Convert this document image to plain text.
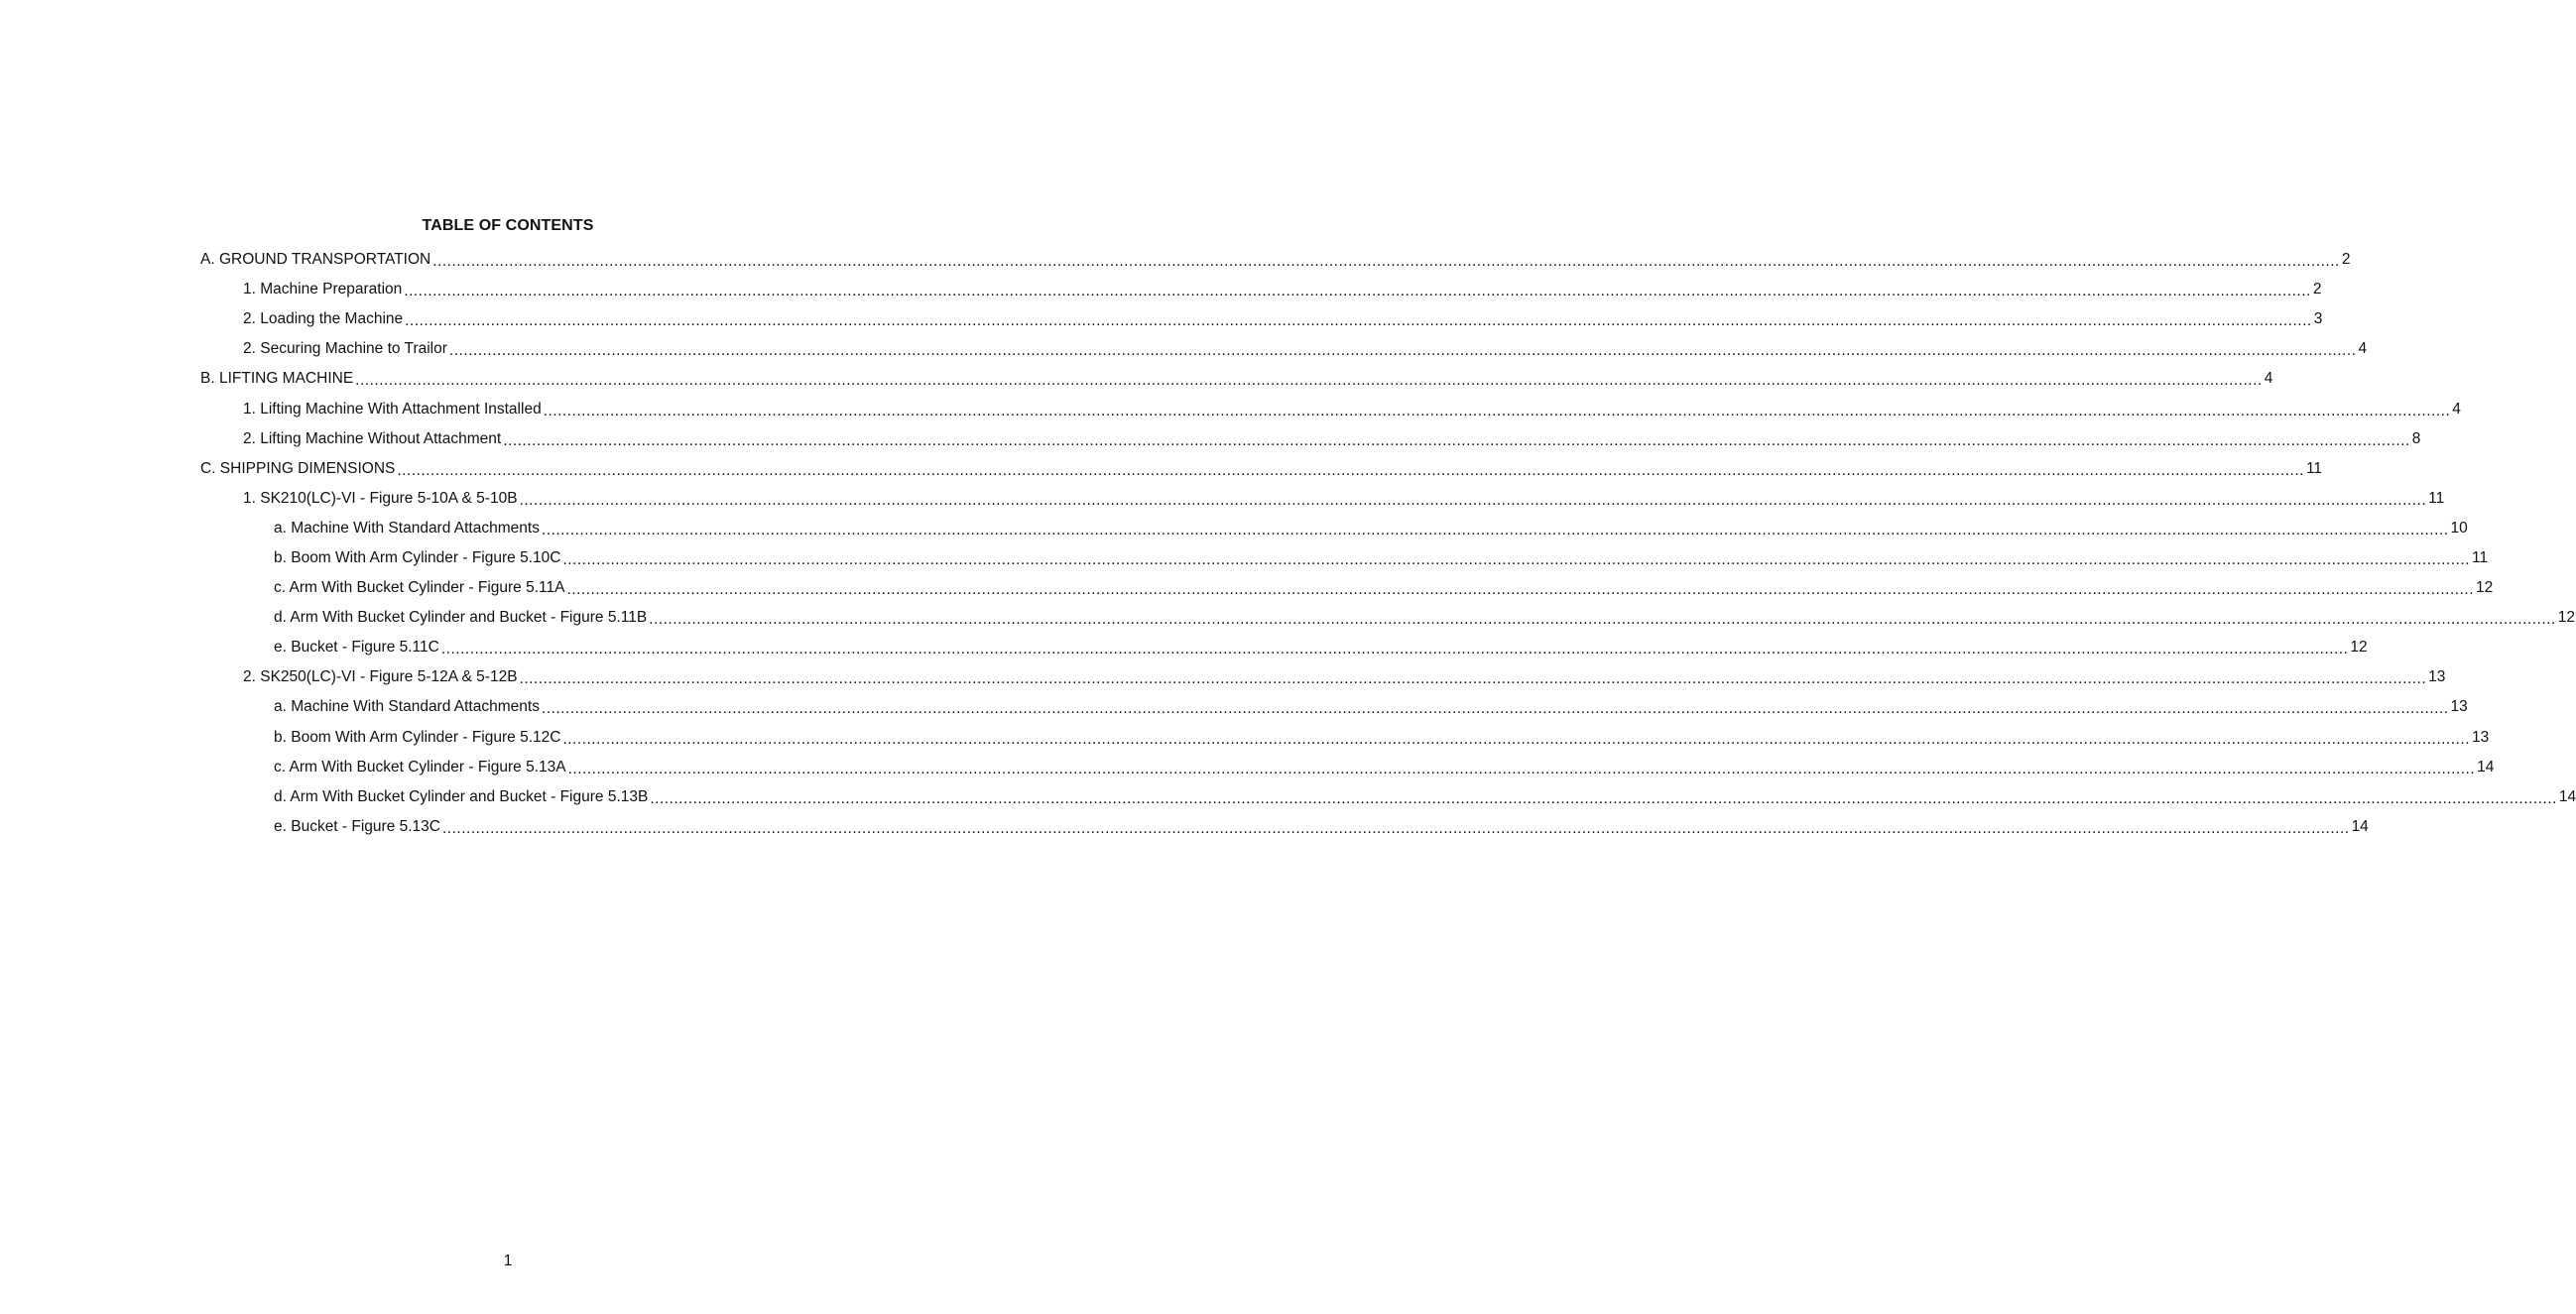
TABLE OF CONTENTS
A. GROUND TRANSPORTATION ................................................................................................................................................................................................................................................................................................................................................................................................................ 2
1. Machine Preparation ................................................................................................................................................................................................................................................................................................................................................................................................................ 2
2. Loading the Machine ................................................................................................................................................................................................................................................................................................................................................................................................................ 3
2. Securing Machine to Trailor ................................................................................................................................................................................................................................................................................................................................................................................................................ 4
B. LIFTING MACHINE ................................................................................................................................................................................................................................................................................................................................................................................................................ 4
1. Lifting Machine With Attachment Installed ................................................................................................................................................................................................................................................................................................................................................................................................................ 4
2. Lifting Machine Without Attachment ................................................................................................................................................................................................................................................................................................................................................................................................................ 8
C. SHIPPING DIMENSIONS ................................................................................................................................................................................................................................................................................................................................................................................................................ 11
1. SK210(LC)-VI - Figure 5-10A & 5-10B ................................................................................................................................................................................................................................................................................................................................................................................................................ 11
a. Machine With Standard Attachments ................................................................................................................................................................................................................................................................................................................................................................................................................ 10
b. Boom With Arm Cylinder - Figure 5.10C ................................................................................................................................................................................................................................................................................................................................................................................................................ 11
c. Arm With Bucket Cylinder - Figure 5.11A ................................................................................................................................................................................................................................................................................................................................................................................................................ 12
d. Arm With Bucket Cylinder and Bucket - Figure 5.11B ................................................................................................................................................................................................................................................................................................................................................................................................................ 12
e. Bucket - Figure 5.11C ................................................................................................................................................................................................................................................................................................................................................................................................................ 12
2. SK250(LC)-VI - Figure 5-12A & 5-12B ................................................................................................................................................................................................................................................................................................................................................................................................................ 13
a. Machine With Standard Attachments ................................................................................................................................................................................................................................................................................................................................................................................................................ 13
b. Boom With Arm Cylinder - Figure 5.12C ................................................................................................................................................................................................................................................................................................................................................................................................................ 13
c. Arm With Bucket Cylinder - Figure 5.13A ................................................................................................................................................................................................................................................................................................................................................................................................................ 14
d. Arm With Bucket Cylinder and Bucket - Figure 5.13B ................................................................................................................................................................................................................................................................................................................................................................................................................ 14
e. Bucket - Figure 5.13C ................................................................................................................................................................................................................................................................................................................................................................................................................ 14
1
